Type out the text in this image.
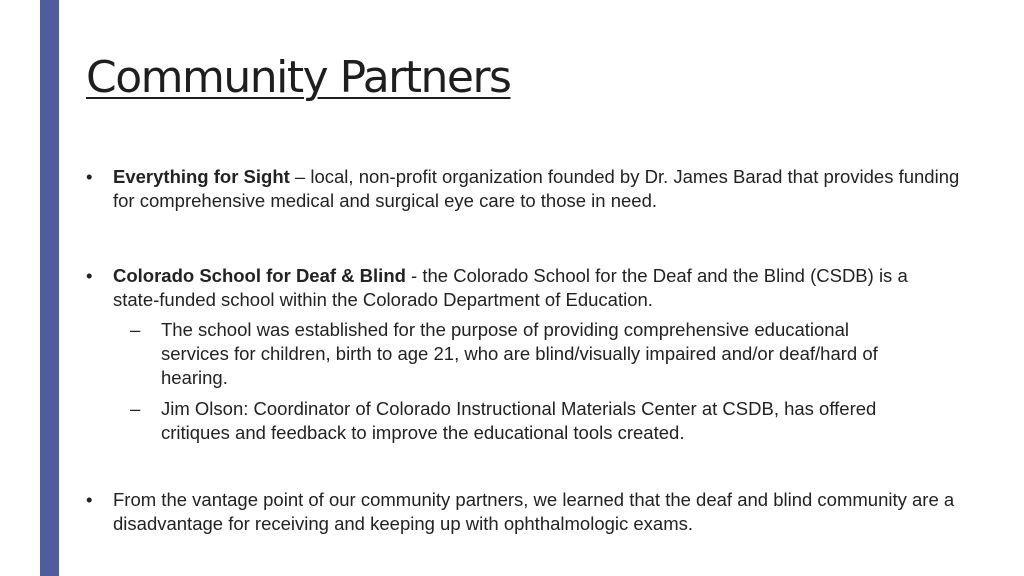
Community Partners
• Everything for Sight – local, non-profit organization founded by Dr. James Barad that provides funding for comprehensive medical and surgical eye care to those in need.
• Colorado School for Deaf & Blind - the Colorado School for the Deaf and the Blind (CSDB) is a state-funded school within the Colorado Department of Education.
– The school was established for the purpose of providing comprehensive educational services for children, birth to age 21, who are blind/visually impaired and/or deaf/hard of hearing.
– Jim Olson: Coordinator of Colorado Instructional Materials Center at CSDB, has offered critiques and feedback to improve the educational tools created.
• From the vantage point of our community partners, we learned that the deaf and blind community are a disadvantage for receiving and keeping up with ophthalmologic exams.
